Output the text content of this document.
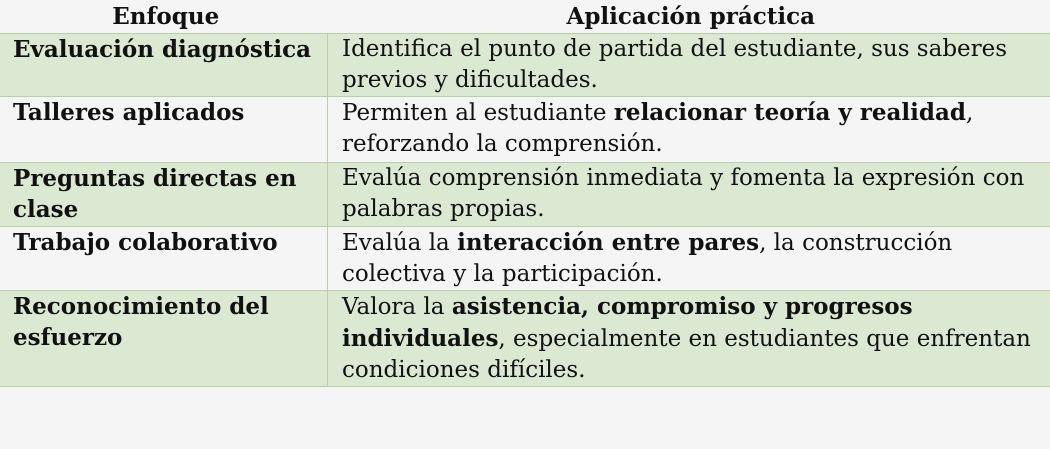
Enfoque	Aplicación práctica
Evaluación diagnóstica	Identifica el punto de partida del estudiante, sus saberes previos y dificultades.
Talleres aplicados	Permiten al estudiante relacionar teoría y realidad, reforzando la comprensión.
Preguntas directas en clase	Evalúa comprensión inmediata y fomenta la expresión con palabras propias.
Trabajo colaborativo	Evalúa la interacción entre pares, la construcción colectiva y la participación.
Reconocimiento del esfuerzo	Valora la asistencia, compromiso y progresos individuales, especialmente en estudiantes que enfrentan condiciones difíciles.
